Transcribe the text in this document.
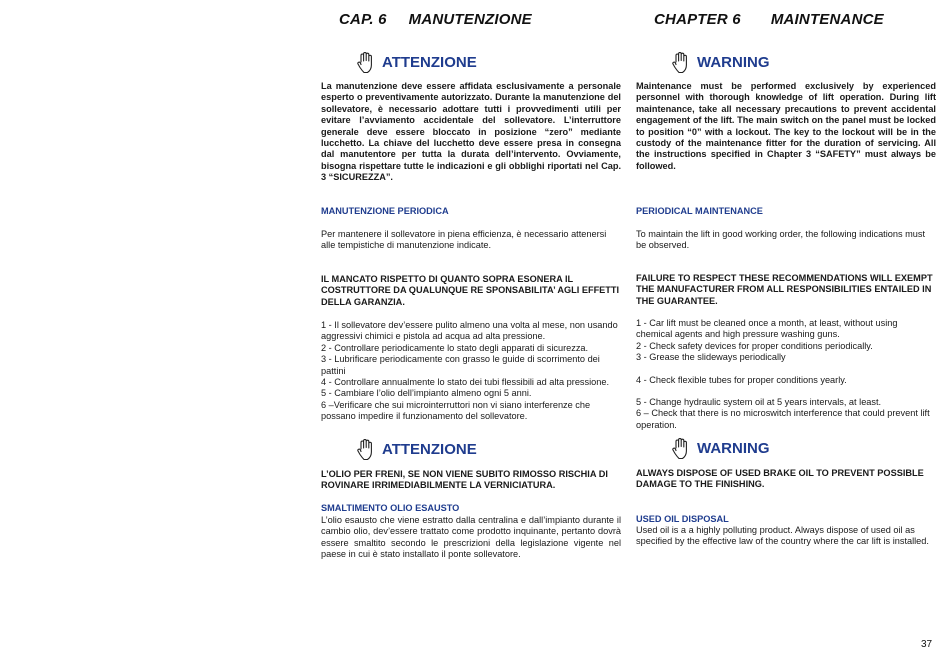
CAP. 6 MANUTENZIONE
ATTENZIONE
La manutenzione deve essere affidata esclusivamente a personale esperto o preventivamente autorizzato. Durante la manutenzione del sollevatore, è necessario adottare tutti i provvedimenti utili per evitare l’avviamento accidentale del sollevatore. L’interruttore generale deve essere bloccato in posizione “zero” mediante lucchetto. La chiave del lucchetto deve essere presa in consegna dal manutentore per tutta la durata dell’intervento. Ovviamente, bisogna rispettare tutte le indicazioni e gli obblighi riportati nel Cap. 3 “SICUREZZA”.
MANUTENZIONE PERIODICA
Per mantenere il sollevatore in piena efficienza, è necessario attenersi alle tempistiche di manutenzione indicate.
IL MANCATO RISPETTO DI QUANTO SOPRA ESONERA IL COSTRUTTORE DA QUALUNQUE RE SPONSABILITA’ AGLI EFFETTI DELLA GARANZIA.
1 - Il sollevatore dev’essere pulito almeno una volta al mese, non usando aggressivi chimici e pistola ad acqua ad alta pressione.
2 - Controllare periodicamente lo stato degli apparati di sicurezza.
3 - Lubrificare periodicamente con grasso le guide di scorrimento dei pattini
4 - Controllare annualmente lo stato dei tubi flessibili ad alta pressione.
5 - Cambiare l’olio dell’impianto almeno ogni 5 anni.
6 –Verificare che sui microinterruttori non vi siano interferenze che possano impedire il funzionamento del sollevatore.
ATTENZIONE
L’OLIO PER FRENI, SE NON VIENE SUBITO RIMOSSO RISCHIA DI ROVINARE IRRIMEDIABILMENTE LA VERNICIATURA.
SMALTIMENTO OLIO ESAUSTO
L’olio esausto che viene estratto dalla centralina e dall’impianto durante il cambio olio, dev’essere trattato come prodotto inquinante, pertanto dovrà essere smaltito secondo le prescrizioni della legislazione vigente nel paese in cui è stato installato il ponte sollevatore.
CHAPTER 6 MAINTENANCE
WARNING
Maintenance must be performed exclusively by experienced personnel with thorough knowledge of lift operation. During lift maintenance, take all necessary precautions to prevent accidental engagement of the lift. The main switch on the panel must be locked to position “0” with a lockout. The key to the lockout will be in the custody of the maintenance fitter for the duration of servicing. All the instructions specified in Chapter 3 “SAFETY” must always be followed.
PERIODICAL MAINTENANCE
To maintain the lift in good working order, the following indications must be observed.
FAILURE TO RESPECT THESE RECOMMENDATIONS WILL EXEMPT THE MANUFACTURER FROM ALL RESPONSIBILITIES ENTAILED IN THE GUARANTEE.
1 - Car lift must be cleaned once a month, at least, without using chemical agents and high pressure washing guns.
2 - Check safety devices for proper conditions periodically.
3 - Grease the slideways periodically
4 - Check flexible tubes for proper conditions yearly.
5 - Change hydraulic system oil at 5 years intervals, at least.
6 – Check that there is no microswitch interference that could prevent lift operation.
WARNING
ALWAYS DISPOSE OF USED BRAKE OIL TO PREVENT POSSIBLE DAMAGE TO THE FINISHING.
USED OIL DISPOSAL
Used oil is a a highly polluting product. Always dispose of used oil as specified by the effective law of the country where the car lift is installed.
37
